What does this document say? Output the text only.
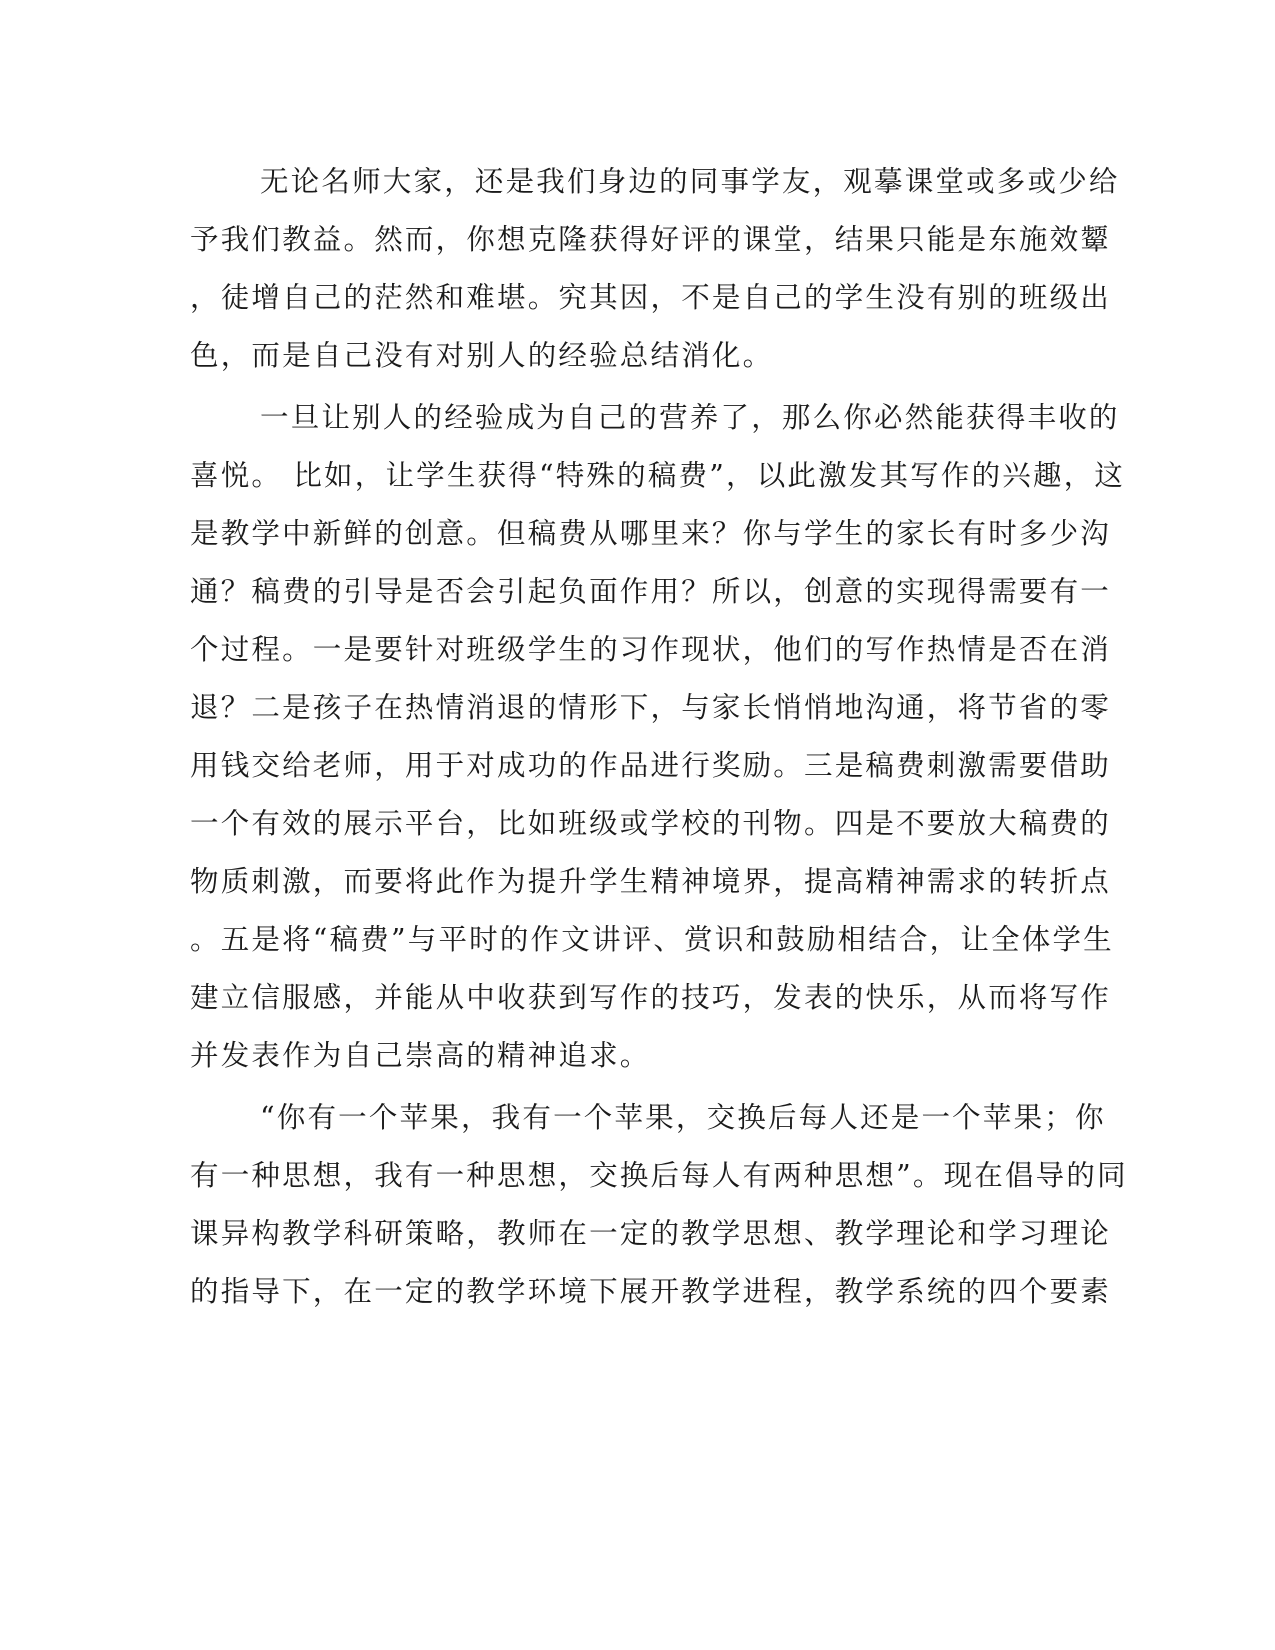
无论名师大家，还是我们身边的同事学友，观摹课堂或多或少给
予我们教益。然而，你想克隆获得好评的课堂，结果只能是东施效颦
，徒增自己的茫然和难堪。究其因，不是自己的学生没有别的班级出
色，而是自己没有对别人的经验总结消化。
一旦让别人的经验成为自己的营养了，那么你必然能获得丰收的
喜悦。 比如，让学生获得“特殊的稿费”，以此激发其写作的兴趣，这
是教学中新鲜的创意。但稿费从哪里来？你与学生的家长有时多少沟
通？稿费的引导是否会引起负面作用？所以，创意的实现得需要有一
个过程。一是要针对班级学生的习作现状，他们的写作热情是否在消
退？二是孩子在热情消退的情形下，与家长悄悄地沟通，将节省的零
用钱交给老师，用于对成功的作品进行奖励。三是稿费刺激需要借助
一个有效的展示平台，比如班级或学校的刊物。四是不要放大稿费的
物质刺激，而要将此作为提升学生精神境界，提高精神需求的转折点
。五是将“稿费”与平时的作文讲评、赏识和鼓励相结合，让全体学生
建立信服感，并能从中收获到写作的技巧，发表的快乐，从而将写作
并发表作为自己崇高的精神追求。
“你有一个苹果，我有一个苹果，交换后每人还是一个苹果；你
有一种思想，我有一种思想，交换后每人有两种思想”。现在倡导的同
课异构教学科研策略，教师在一定的教学思想、教学理论和学习理论
的指导下，在一定的教学环境下展开教学进程，教学系统的四个要素
